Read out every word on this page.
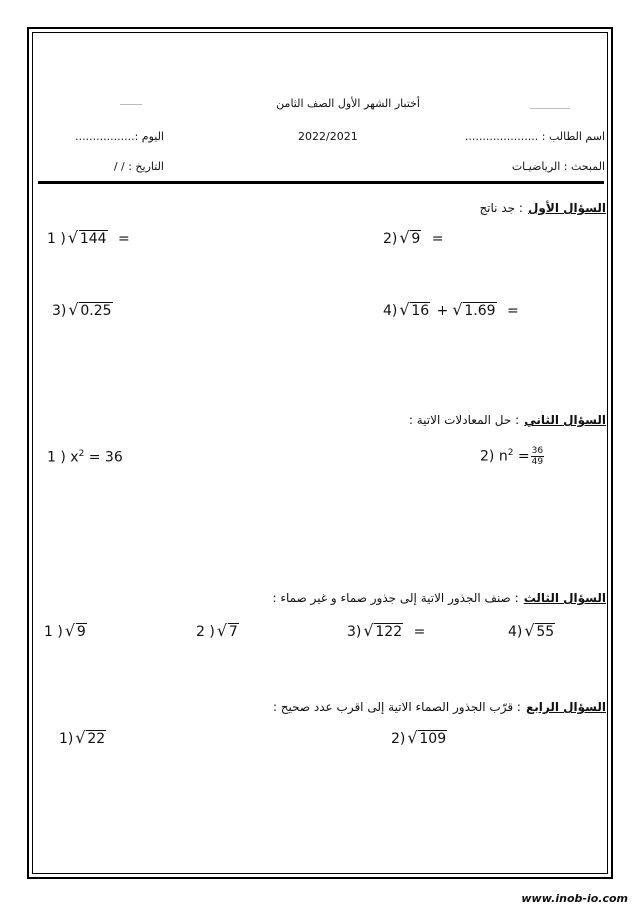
أختبار الشهر الأول الصف الثامن
2022/2021	اسم الطالب : .....................
اليوم :.................
المبحث : الرياضيـات
التاريخ : / /
السؤال الأول : جد ناتج
1 ) √ 144 =	2) √ 9 =
3) √ 0.25	4) √ 16 + √ 1.69 =
السؤال الثاني : حل المعادلات الاتية :
1 ) $x^2 = 36$	2) $n^2 = \frac{36}{49}$
السؤال الثالث : صنف الجذور الاتية إلى جذور صماء و غير صماء :
1 ) √ 9	2 ) √ 7	3) √ 122 =	4) √ 55
السؤال الرابع : قرّب الجذور الصماء الاتية إلى اقرب عدد صحيح :
1) √ 22	2) √ 109
www.inob-io.com
